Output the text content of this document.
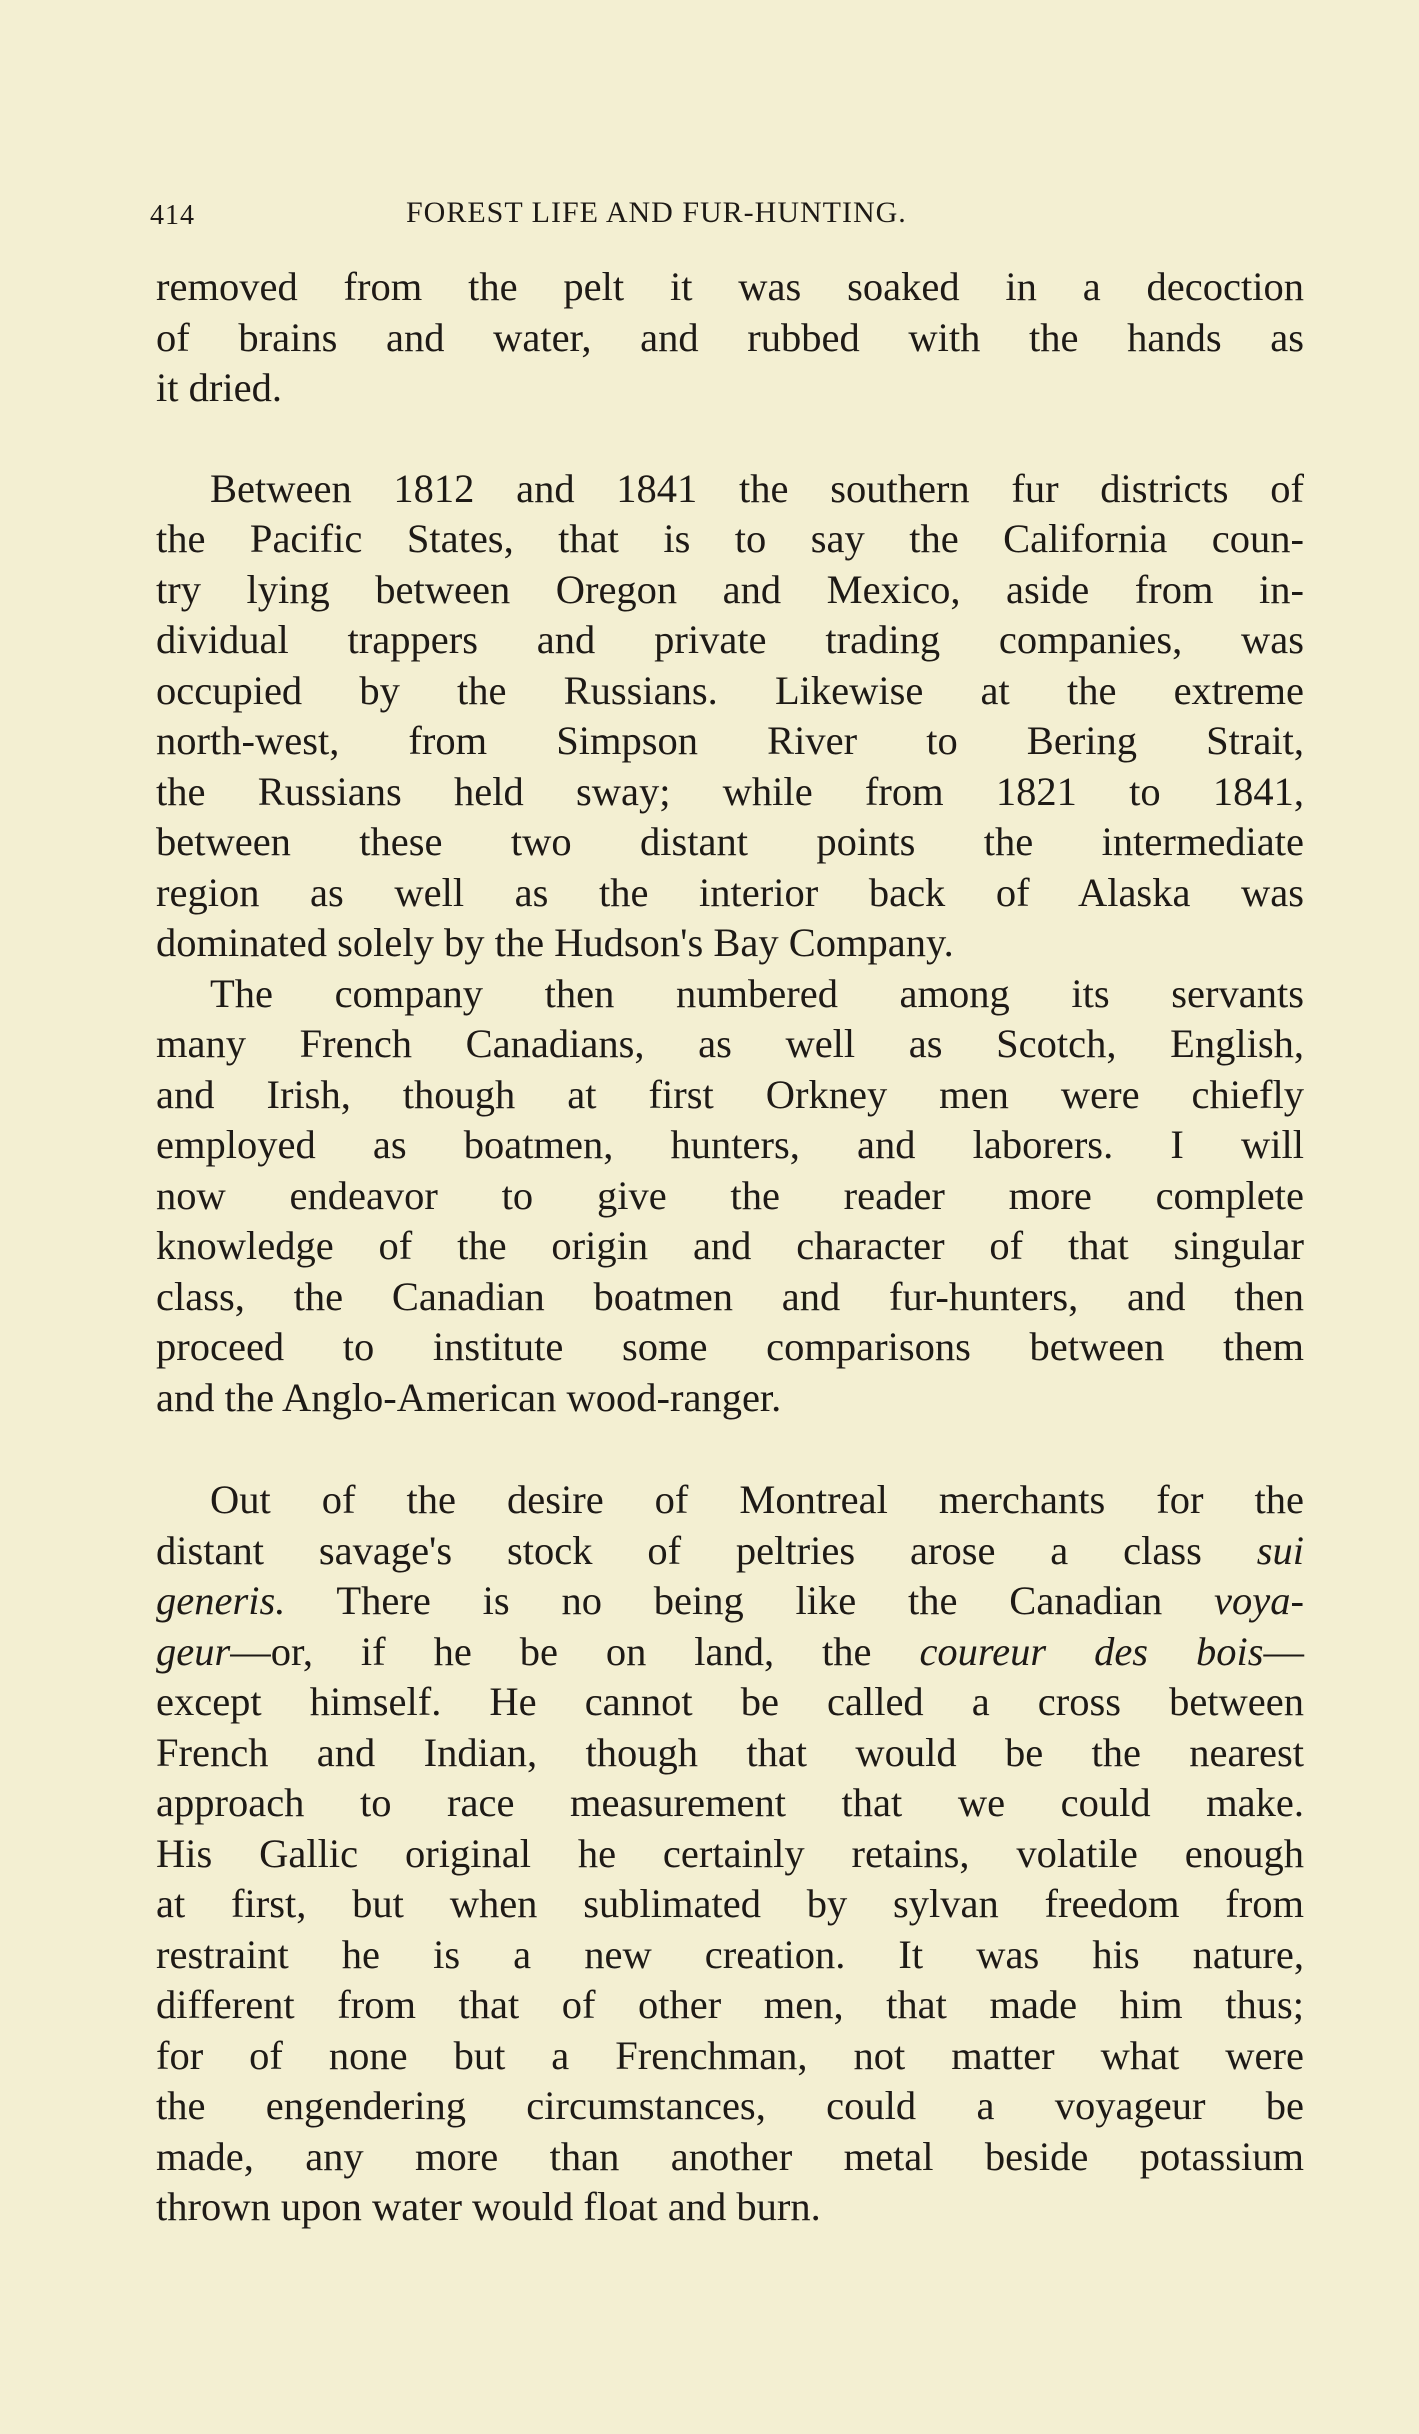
414	FOREST LIFE AND FUR-HUNTING.

removed from the pelt it was soaked in a decoction
of brains and water, and rubbed with the hands as
it dried.

Between 1812 and 1841 the southern fur districts of
the Pacific States, that is to say the California coun-
try lying between Oregon and Mexico, aside from in-
dividual trappers and private trading companies, was
occupied by the Russians. Likewise at the extreme
north-west, from Simpson River to Bering Strait,
the Russians held sway; while from 1821 to 1841,
between these two distant points the intermediate
region as well as the interior back of Alaska was
dominated solely by the Hudson's Bay Company.

The company then numbered among its servants
many French Canadians, as well as Scotch, English,
and Irish, though at first Orkney men were chiefly
employed as boatmen, hunters, and laborers. I will
now endeavor to give the reader more complete
knowledge of the origin and character of that singular
class, the Canadian boatmen and fur-hunters, and then
proceed to institute some comparisons between them
and the Anglo-American wood-ranger.

Out of the desire of Montreal merchants for the
distant savage's stock of peltries arose a class sui
generis. There is no being like the Canadian voya-
geur—or, if he be on land, the coureur des bois—
except himself. He cannot be called a cross between
French and Indian, though that would be the nearest
approach to race measurement that we could make.
His Gallic original he certainly retains, volatile enough
at first, but when sublimated by sylvan freedom from
restraint he is a new creation. It was his nature,
different from that of other men, that made him thus;
for of none but a Frenchman, not matter what were
the engendering circumstances, could a voyageur be
made, any more than another metal beside potassium
thrown upon water would float and burn.
